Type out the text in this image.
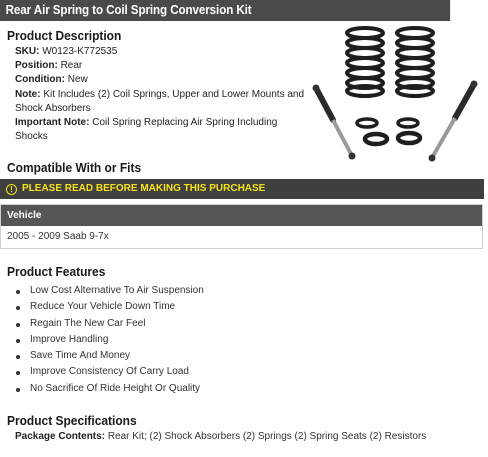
Rear Air Spring to Coil Spring Conversion Kit
Product Description
SKU: W0123-K772535
Position: Rear
Condition: New
Note: Kit Includes (2) Coil Springs, Upper and Lower Mounts and Shock Absorbers
Important Note: Coil Spring Replacing Air Spring Including Shocks
Compatible With or Fits
! PLEASE READ BEFORE MAKING THIS PURCHASE
Vehicle
2005 - 2009 Saab 9-7x
Product Features
Low Cost Alternative To Air Suspension
Reduce Your Vehicle Down Time
Regain The New Car Feel
Improve Handling
Save Time And Money
Improve Consistency Of Carry Load
No Sacrifice Of Ride Height Or Quality
Product Specifications
Package Contents: Rear Kit; (2) Shock Absorbers (2) Springs (2) Spring Seats (2) Resistors
